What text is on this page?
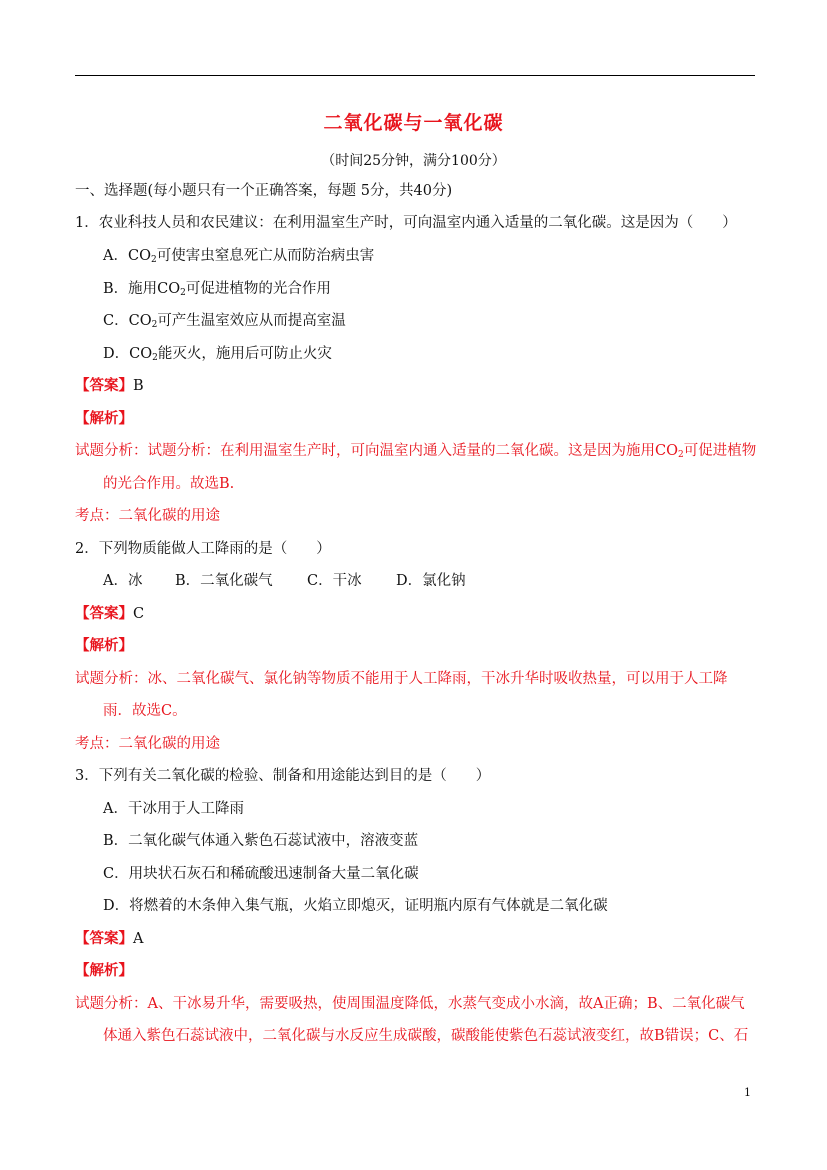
二氧化碳与一氧化碳
（时间25分钟，满分100分）
一、选择题(每小题只有一个正确答案，每题 5分，共40分)
1．农业科技人员和农民建议：在利用温室生产时，可向温室内通入适量的二氧化碳。这是因为（　　）
A．$CO_2$可使害虫窒息死亡从而防治病虫害
B．施用$CO_2$可促进植物的光合作用
C．$CO_2$可产生温室效应从而提高室温
D．$CO_2$能灭火，施用后可防止火灾
【答案】B
【解析】
试题分析：试题分析：在利用温室生产时，可向温室内通入适量的二氧化碳。这是因为施用$CO_2$可促进植物
的光合作用。故选B.
考点：二氧化碳的用途
2．下列物质能做人工降雨的是（　　）
A．冰 B．二氧化碳气 C．干冰 D．氯化钠
【答案】C
【解析】
试题分析：冰、二氧化碳气、氯化钠等物质不能用于人工降雨，干冰升华时吸收热量，可以用于人工降
雨．故选C。
考点：二氧化碳的用途
3．下列有关二氧化碳的检验、制备和用途能达到目的是（　　）
A．干冰用于人工降雨
B．二氧化碳气体通入紫色石蕊试液中，溶液变蓝
C．用块状石灰石和稀硫酸迅速制备大量二氧化碳
D．将燃着的木条伸入集气瓶，火焰立即熄灭，证明瓶内原有气体就是二氧化碳
【答案】A
【解析】
试题分析：A、干冰易升华，需要吸热，使周围温度降低，水蒸气变成小水滴，故A正确；B、二氧化碳气
体通入紫色石蕊试液中，二氧化碳与水反应生成碳酸，碳酸能使紫色石蕊试液变红，故B错误；C、石
1
